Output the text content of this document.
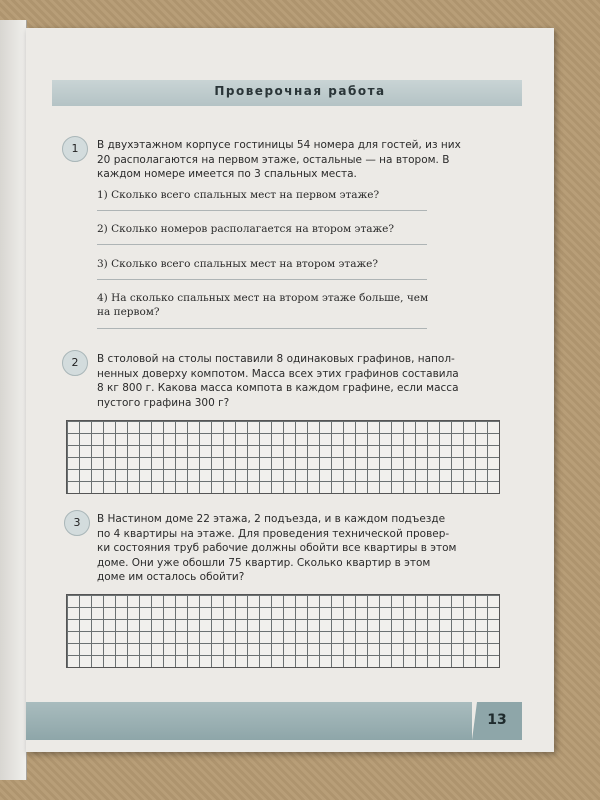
Проверочная работа
1	В двухэтажном корпусе гостиницы 54 номера для гостей, из них
20 располагаются на первом этаже, остальные — на втором. В
каждом номере имеется по 3 спальных места.
1) Сколько всего спальных мест на первом этаже?
2) Сколько номеров располагается на втором этаже?
3) Сколько всего спальных мест на втором этаже?
4) На сколько спальных мест на втором этаже больше, чем
на первом?
2	В столовой на столы поставили 8 одинаковых графинов, напол-
ненных доверху компотом. Масса всех этих графинов составила
8 кг 800 г. Какова масса компота в каждом графине, если масса
пустого графина 300 г?
3	В Настином доме 22 этажа, 2 подъезда, и в каждом подъезде
по 4 квартиры на этаже. Для проведения технической провер-
ки состояния труб рабочие должны обойти все квартиры в этом
доме. Они уже обошли 75 квартир. Сколько квартир в этом
доме им осталось обойти?
13
